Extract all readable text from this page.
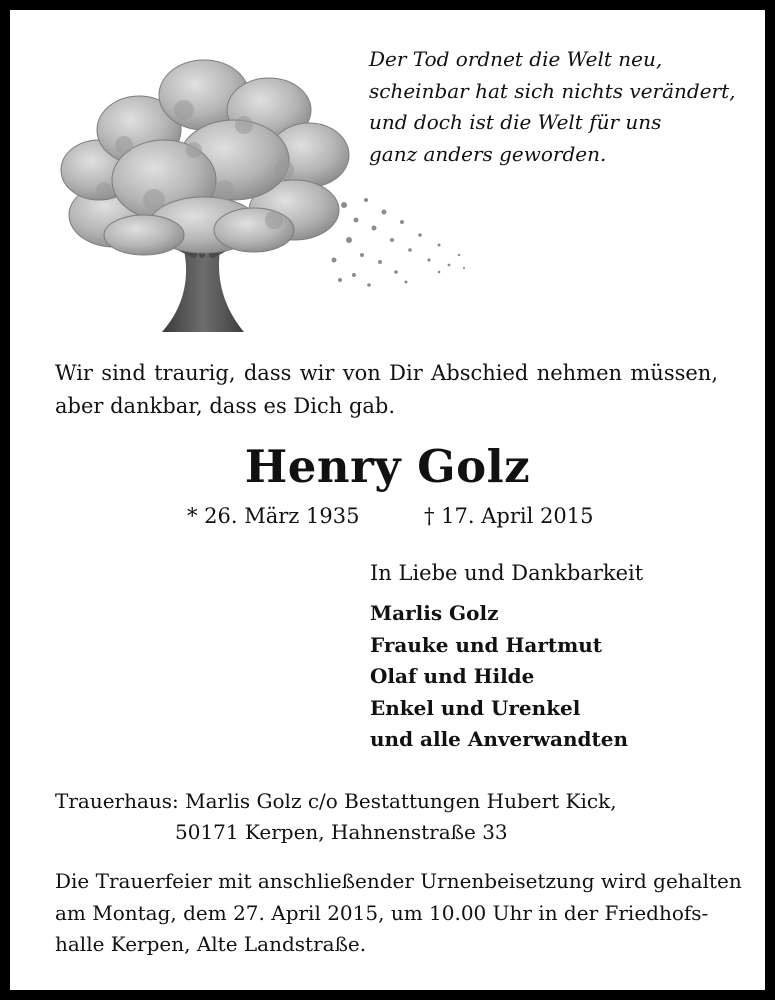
Der Tod ordnet die Welt neu,
scheinbar hat sich nichts verändert,
und doch ist die Welt für uns
ganz anders geworden.
Wir sind traurig, dass wir von Dir Abschied nehmen müssen, aber dankbar, dass es Dich gab.
Henry Golz
* 26. März 1935	† 17. April 2015
In Liebe und Dankbarkeit
Marlis Golz
Frauke und Hartmut
Olaf und Hilde
Enkel und Urenkel
und alle Anverwandten
Trauerhaus: Marlis Golz c/o Bestattungen Hubert Kick,
50171 Kerpen, Hahnenstraße 33
Die Trauerfeier mit anschließender Urnenbeisetzung wird gehalten
am Montag, dem 27. April 2015, um 10.00 Uhr in der Friedhofs-
halle Kerpen, Alte Landstraße.
